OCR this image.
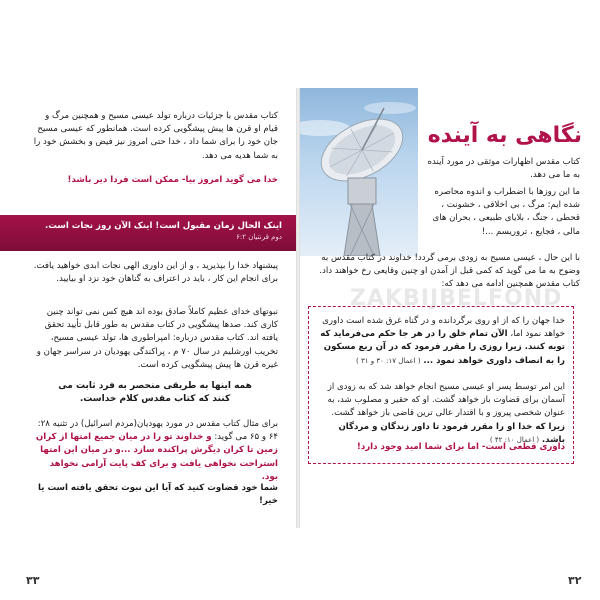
کتاب مقدس با جزئیات درباره تولد عیسی مسیح و همچنین مرگ و قیام او قرن ها پیش پیشگویی کرده است. همانطور که عیسی مسیح جان خود را برای شما داد ، خدا حتی امروز نیز فیض و بخشش خود را به شما هدیه می دهد.

خدا می گوید امروز بیا- ممکن است فردا دیر باشد!

اینک الحال زمان مقبول است! اینک الآن روز نجات است.
دوم قرنتیان ۶:۲

پیشنهاد خدا را بپذیرید ، و از این داوری الهی نجات ابدی خواهید یافت. برای انجام این کار ، باید در اعتراف به گناهان خود نزد او بیایید.

نبوتهای خدای عظیم کاملاً صادق بوده اند هیچ کس نمی تواند چنین کاری کند. صدها پیشگویی در کتاب مقدس به طور قابل تأیید تحقق یافته اند. کتاب مقدس درباره: امپراطوری ها، تولد عیسی مسیح، تخریب اورشلیم در سال ۷۰ م ، پراکندگی یهودیان در سراسر جهان و غیره قرن ها پیش پیشگویی کرده است.

همه اینها به طریقی منحصر به فرد ثابت می کنند که کتاب مقدس کلام خداست.

برای مثال کتاب مقدس در مورد یهودیان(مردم اسرائیل) در تثنیه ۲۸: ۶۴ و ۶۵ می گوید: و خداوند تو را در میان جمیع امتها از کران زمین تا کران دیگرش پراکنده سازد ...و در میان این امتها استراحت نخواهی یافت و برای کف پایت آرامی نخواهد بود.

شما خود قضاوت کنید که آیا این نبوت تحقق یافته است یا خیر!

۳۳
نگاهی به آینده

کتاب مقدس اظهارات موثقی در مورد آینده به ما می دهد.

ما این روزها با اضطراب و اندوه محاصره شده ایم: مرگ ، بی اخلاقی ، خشونت ، قحطی ، جنگ ، بلایای طبیعی ، بحران های مالی ، فجایع ، تروریسم ...!

با این حال ، عیسی مسیح به زودی برمی گردد! خداوند در کتاب مقدس به وضوح به ما می گوید که کمی قبل از آمدن او چنین وقایعی رخ خواهند داد. کتاب مقدس همچنین ادامه می دهد که:

خدا جهان را که از او روی برگردانده و در گناه غرق شده است داوری خواهد نمود اما، الآن تمام خلق را در هر جا حکم می‌فرماید که توبه کنند. زیرا روزی را مقرر فرمود که در آن ربع مسکون را به انصاف داوری خواهد نمود ... ( اعمال ۱۷: ۳۰ و ۳۱ )

این امر توسط پسر او عیسی مسیح انجام خواهد شد که به زودی از آسمان برای قضاوت باز خواهد گشت. او که حقیر و مصلوب شد، به عنوان شخصی پیروز و با اقتدار عالی ترین قاضی باز خواهد گشت. زیرا که خدا او را مقرر فرمود تا داور زندگان و مردگان باشد. ( اعمال ۱۰: ۴۲ )

داوری قطعی است- اما برای شما امید وجود دارد!

۳۲
ZAKBIJBELFOND
